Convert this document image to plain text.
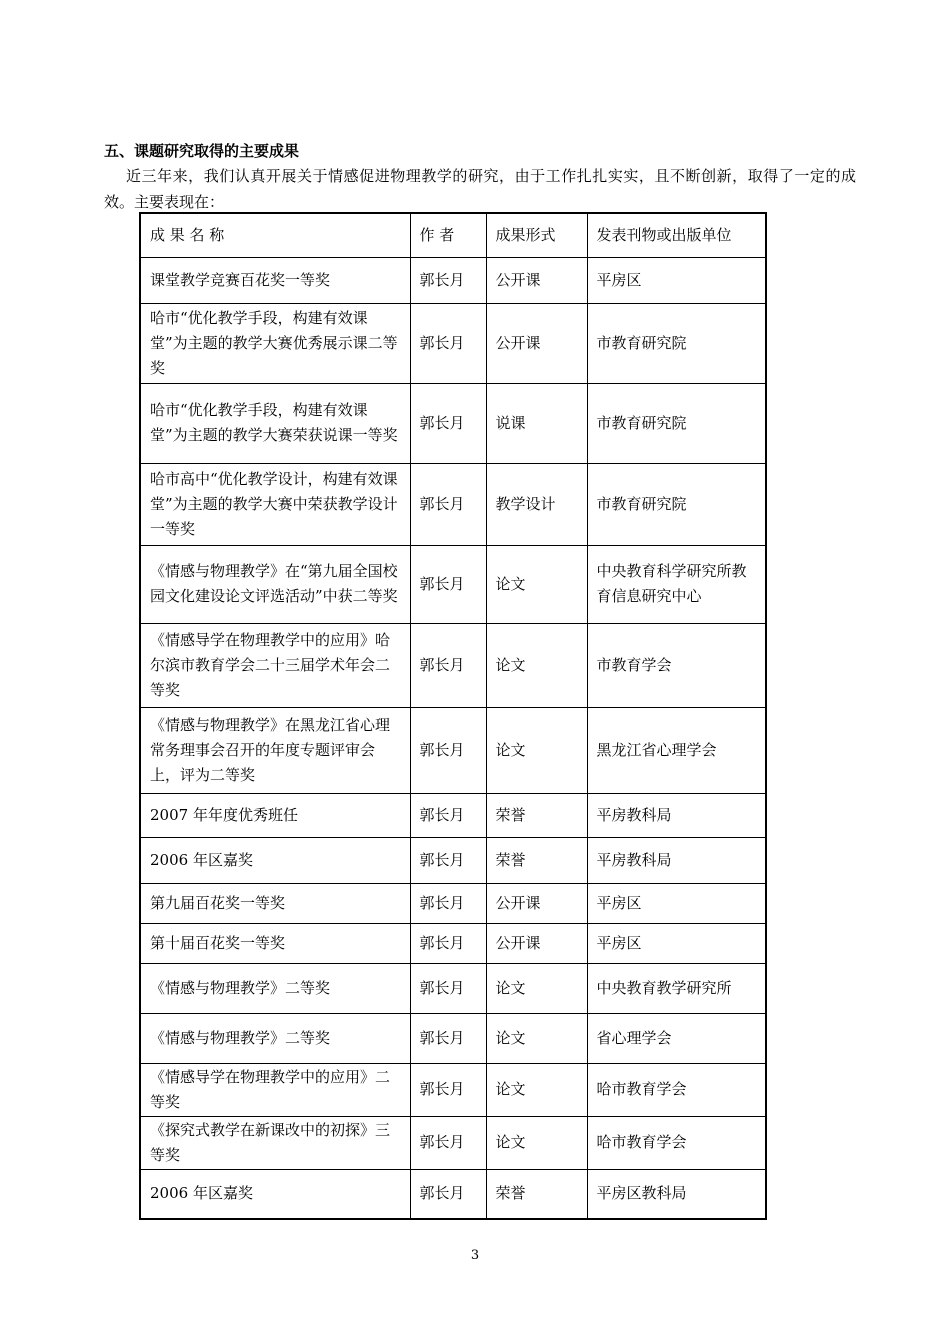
五、课题研究取得的主要成果
近三年来，我们认真开展关于情感促进物理教学的研究，由于工作扎扎实实，且不断创新，取得了一定的成效。主要表现在：
成 果 名 称	作 者	成果形式	发表刊物或出版单位
课堂教学竞赛百花奖一等奖	郭长月	公开课	平房区
哈市“优化教学手段，构建有效课堂”为主题的教学大赛优秀展示课二等奖	郭长月	公开课	市教育研究院
哈市“优化教学手段，构建有效课堂”为主题的教学大赛荣获说课一等奖	郭长月	说课	市教育研究院
哈市高中“优化教学设计，构建有效课堂”为主题的教学大赛中荣获教学设计一等奖	郭长月	教学设计	市教育研究院
《情感与物理教学》在“第九届全国校园文化建设论文评选活动”中获二等奖	郭长月	论文	中央教育科学研究所教育信息研究中心
《情感导学在物理教学中的应用》哈尔滨市教育学会二十三届学术年会二等奖	郭长月	论文	市教育学会
《情感与物理教学》在黑龙江省心理常务理事会召开的年度专题评审会上，评为二等奖	郭长月	论文	黑龙江省心理学会
2007 年年度优秀班任	郭长月	荣誉	平房教科局
2006 年区嘉奖	郭长月	荣誉	平房教科局
第九届百花奖一等奖	郭长月	公开课	平房区
第十届百花奖一等奖	郭长月	公开课	平房区
《情感与物理教学》二等奖	郭长月	论文	中央教育教学研究所
《情感与物理教学》二等奖	郭长月	论文	省心理学会
《情感导学在物理教学中的应用》二等奖	郭长月	论文	哈市教育学会
《探究式教学在新课改中的初探》三等奖	郭长月	论文	哈市教育学会
2006 年区嘉奖	郭长月	荣誉	平房区教科局
3
